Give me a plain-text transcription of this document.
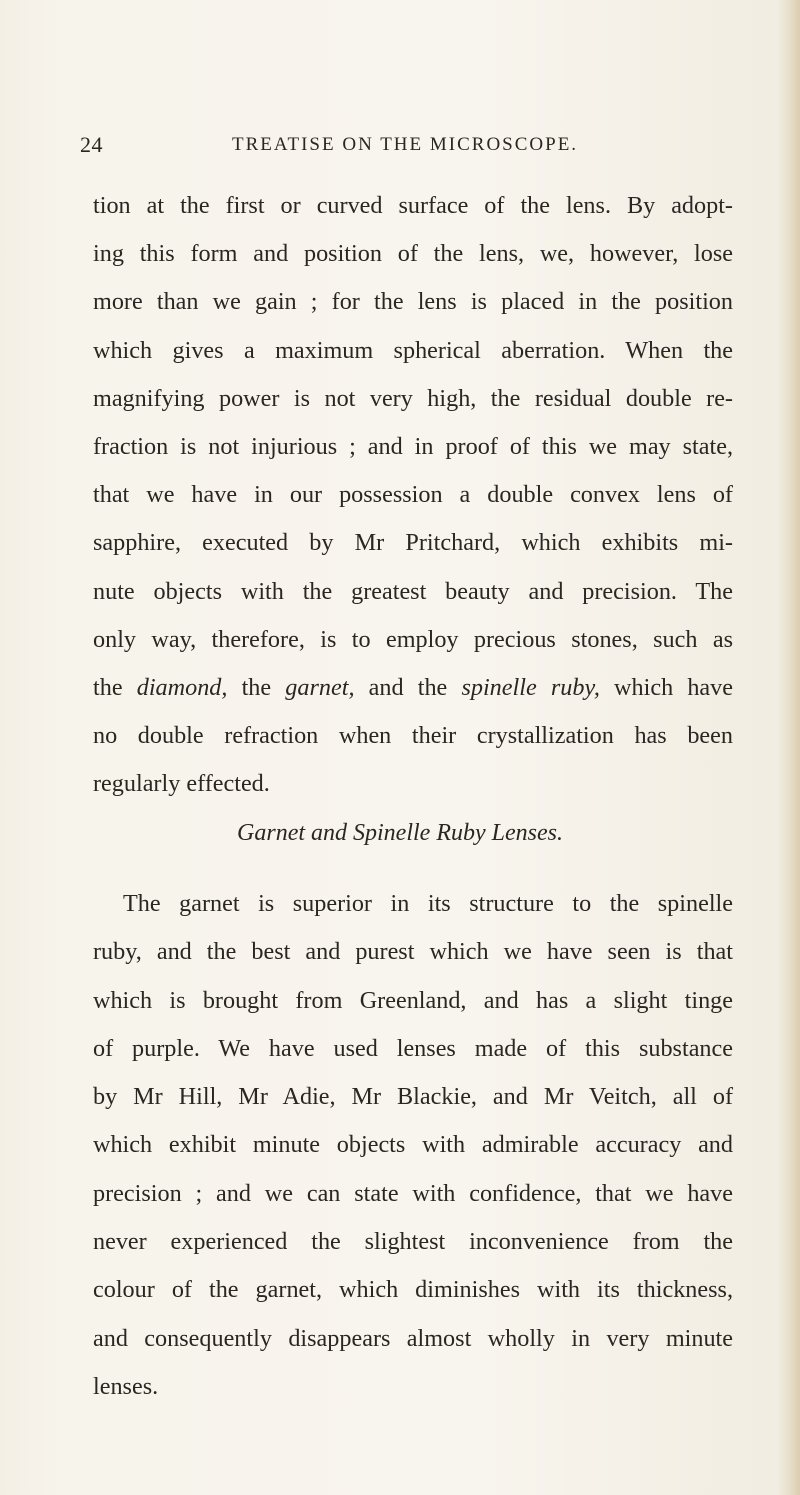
24	TREATISE ON THE MICROSCOPE.
tion at the first or curved surface of the lens. By adopt-
ing this form and position of the lens, we, however, lose
more than we gain ; for the lens is placed in the position
which gives a maximum spherical aberration. When the
magnifying power is not very high, the residual double re-
fraction is not injurious ; and in proof of this we may state,
that we have in our possession a double convex lens of
sapphire, executed by Mr Pritchard, which exhibits mi-
nute objects with the greatest beauty and precision. The
only way, therefore, is to employ precious stones, such as
the diamond, the garnet, and the spinelle ruby, which have
no double refraction when their crystallization has been
regularly effected.
Garnet and Spinelle Ruby Lenses.
The garnet is superior in its structure to the spinelle
ruby, and the best and purest which we have seen is that
which is brought from Greenland, and has a slight tinge
of purple. We have used lenses made of this substance
by Mr Hill, Mr Adie, Mr Blackie, and Mr Veitch, all of
which exhibit minute objects with admirable accuracy and
precision ; and we can state with confidence, that we have
never experienced the slightest inconvenience from the
colour of the garnet, which diminishes with its thickness,
and consequently disappears almost wholly in very minute
lenses.
